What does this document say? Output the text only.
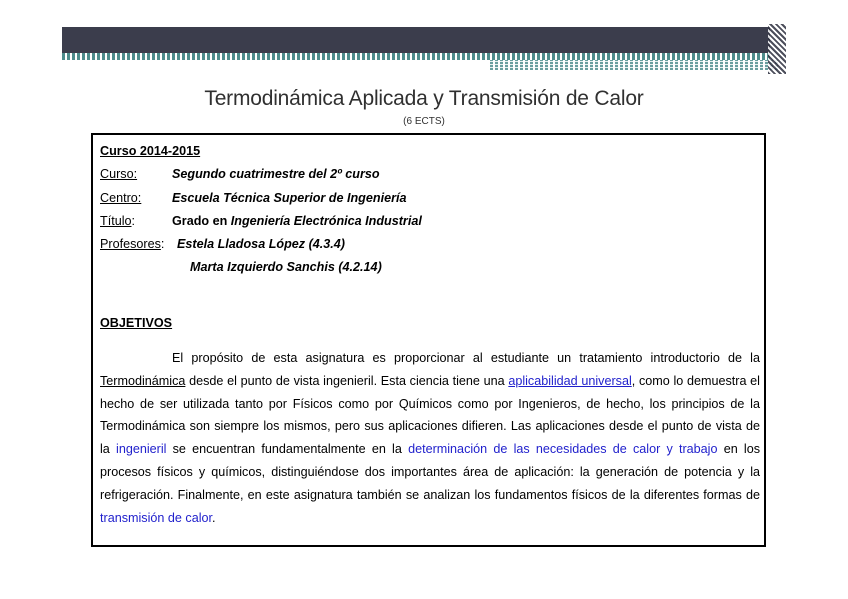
Termodinámica Aplicada y Transmisión de Calor
(6 ECTS)
Curso 2014-2015
Curso:	Segundo cuatrimestre del 2º curso
Centro: Escuela Técnica Superior de Ingeniería
Título:	Grado en Ingeniería Electrónica Industrial
Profesores: Estela Lladosa López (4.3.4)
Marta Izquierdo Sanchis (4.2.14)
OBJETIVOS
El propósito de esta asignatura es proporcionar al estudiante un tratamiento introductorio de la Termodinámica desde el punto de vista ingenieril. Esta ciencia tiene una aplicabilidad universal, como lo demuestra el hecho de ser utilizada tanto por Físicos como por Químicos como por Ingenieros, de hecho, los principios de la Termodinámica son siempre los mismos, pero sus aplicaciones difieren. Las aplicaciones desde el punto de vista de la ingenieril se encuentran fundamentalmente en la determinación de las necesidades de calor y trabajo en los procesos físicos y químicos, distinguiéndose dos importantes área de aplicación: la generación de potencia y la refrigeración. Finalmente, en este asignatura también se analizan los fundamentos físicos de la diferentes formas de transmisión de calor.
